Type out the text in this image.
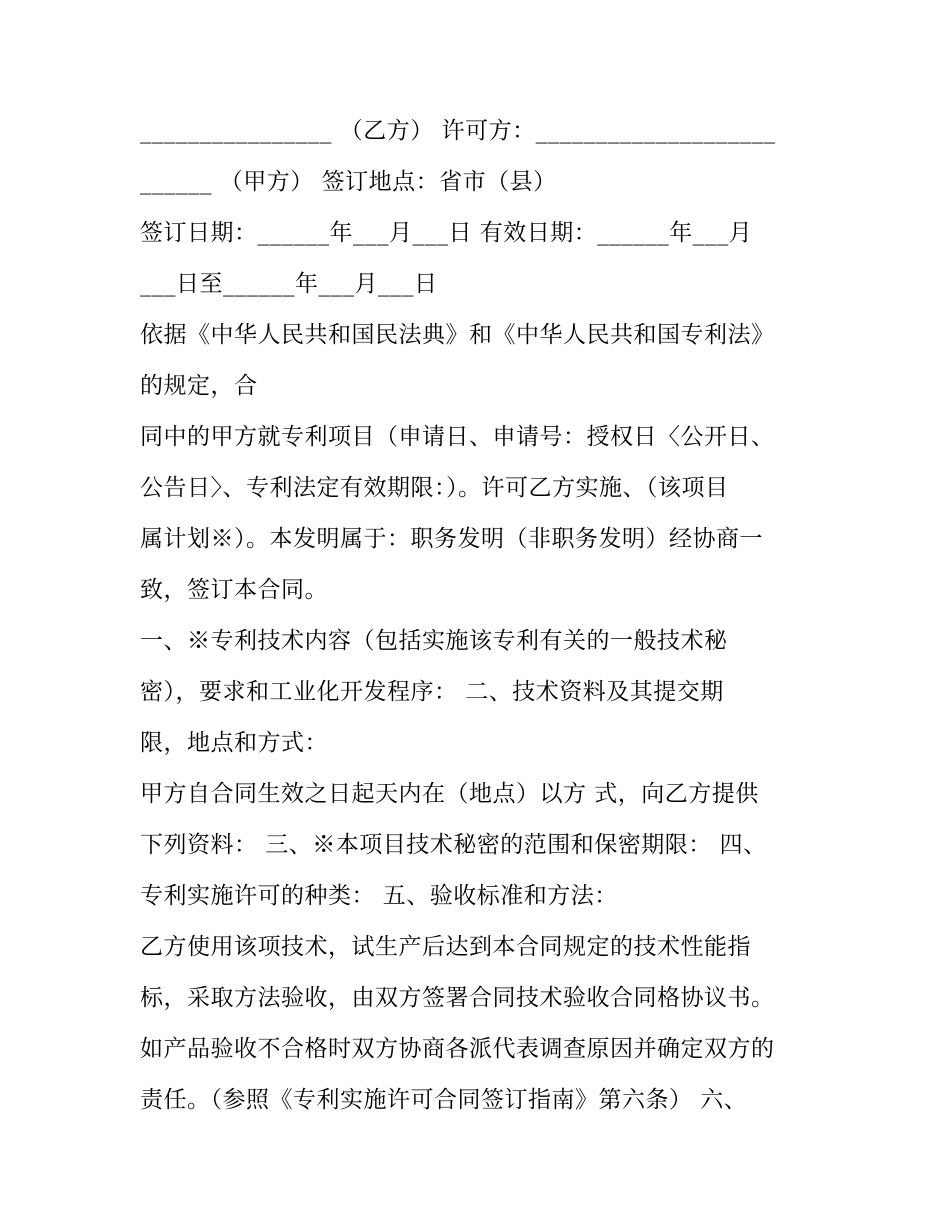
________________ （乙方） 许可方：____________________
______ （甲方） 签订地点：省市（县）
签订日期：______年___月___日 有效日期：______年___月
___日至______年___月___日
依据《中华人民共和国民法典》和《中华人民共和国专利法》
的规定，合
同中的甲方就专利项目（申请日、申请号：授权日〈公开日、
公告日〉、专利法定有效期限：）。许可乙方实施、（该项目
属计划※）。本发明属于：职务发明（非职务发明）经协商一
致，签订本合同。
一、※专利技术内容（包括实施该专利有关的一般技术秘
密），要求和工业化开发程序： 二、技术资料及其提交期
限，地点和方式：
甲方自合同生效之日起天内在（地点）以方 式，向乙方提供
下列资料： 三、※本项目技术秘密的范围和保密期限： 四、
专利实施许可的种类： 五、验收标准和方法：
乙方使用该项技术，试生产后达到本合同规定的技术性能指
标，采取方法验收，由双方签署合同技术验收合同格协议书。
如产品验收不合格时双方协商各派代表调查原因并确定双方的
责任。（参照《专利实施许可合同签订指南》第六条） 六、
